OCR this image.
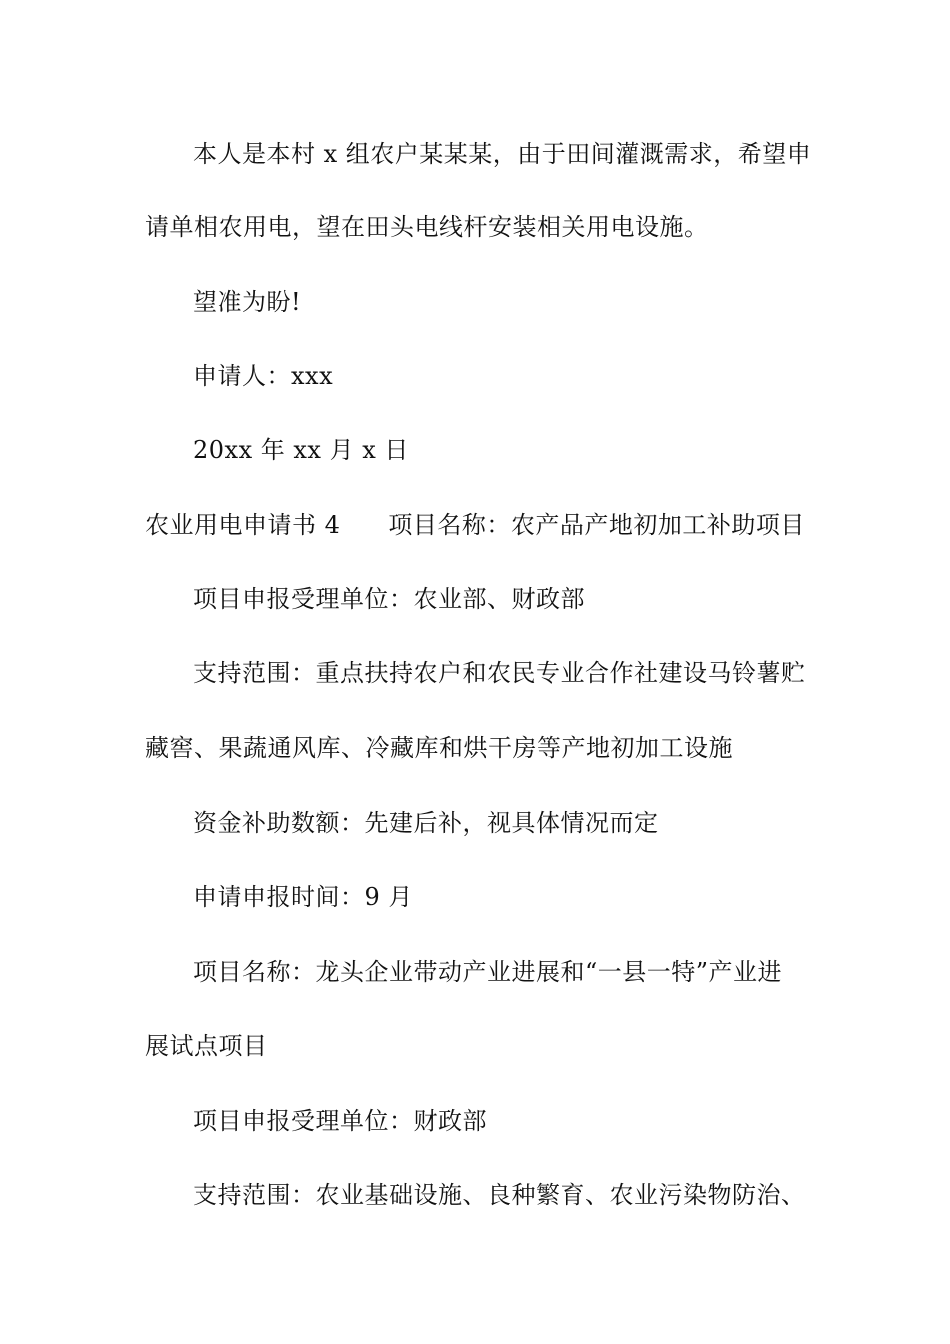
本人是本村 x 组农户某某某，由于田间灌溉需求，希望申
请单相农用电，望在田头电线杆安装相关用电设施。
望准为盼!
申请人：xxx
20xx 年 xx 月 x 日
农业用电申请书 4 项目名称：农产品产地初加工补助项目
项目申报受理单位：农业部、财政部
支持范围：重点扶持农户和农民专业合作社建设马铃薯贮
藏窖、果蔬通风库、冷藏库和烘干房等产地初加工设施
资金补助数额：先建后补，视具体情况而定
申请申报时间：9 月
项目名称：龙头企业带动产业进展和“一县一特”产业进
展试点项目
项目申报受理单位：财政部
支持范围：农业基础设施、良种繁育、农业污染物防治、
